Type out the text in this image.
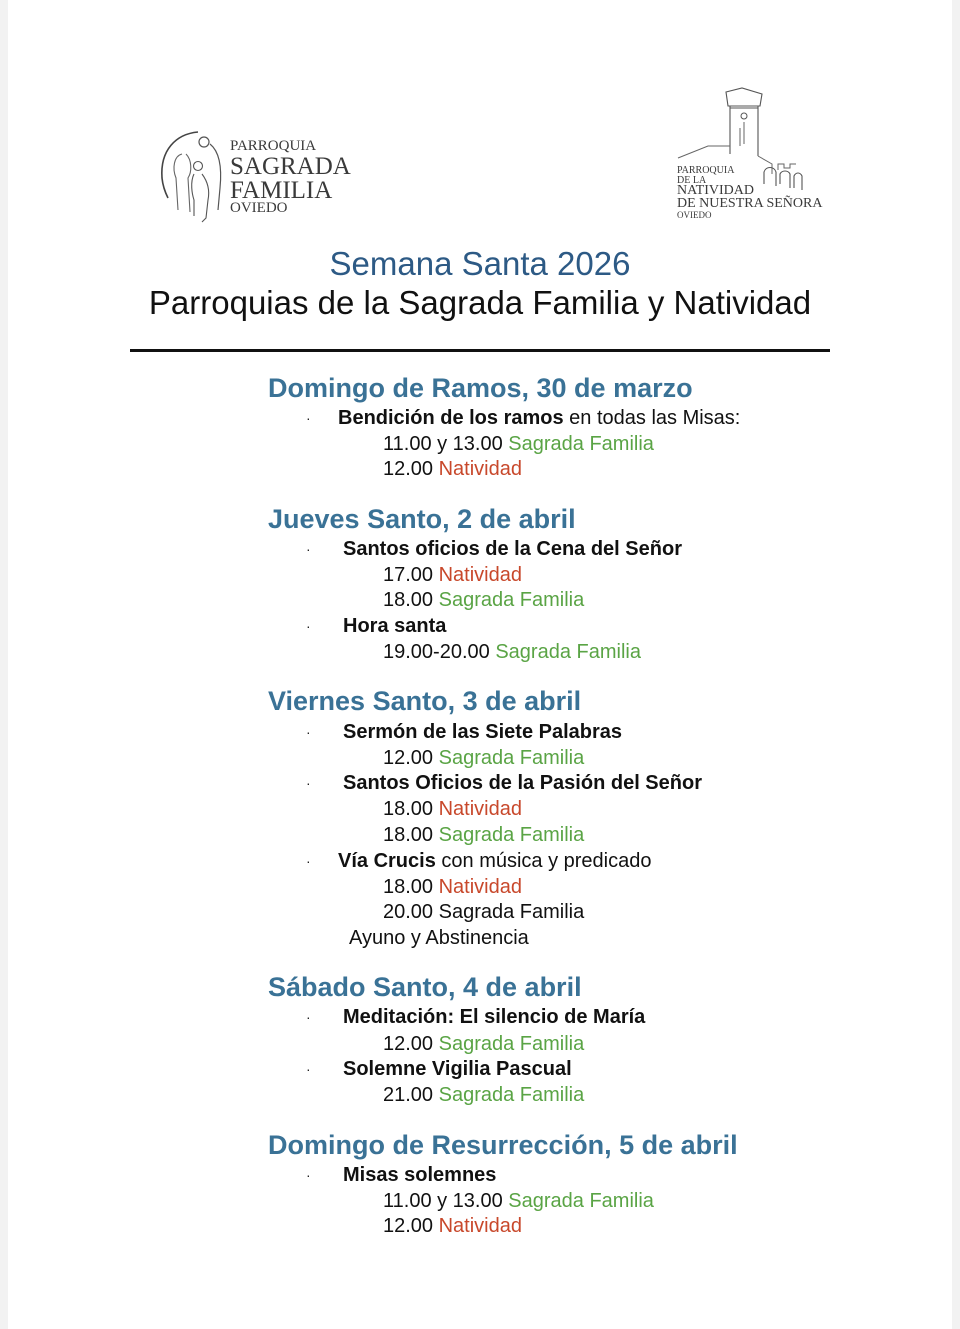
PARROQUIA
SAGRADA
FAMILIA
OVIEDO
PARROQUIA
DE LA
NATIVIDAD
DE NUESTRA SEÑORA
OVIEDO
Semana Santa 2026
Parroquias de la Sagrada Familia y Natividad
Domingo de Ramos, 30 de marzo
· Bendición de los ramos en todas las Misas:
11.00 y 13.00 Sagrada Familia
12.00 Natividad
Jueves Santo, 2 de abril
· Santos oficios de la Cena del Señor
17.00 Natividad
18.00 Sagrada Familia
· Hora santa
19.00-20.00 Sagrada Familia
Viernes Santo, 3 de abril
· Sermón de las Siete Palabras
12.00 Sagrada Familia
· Santos Oficios de la Pasión del Señor
18.00 Natividad
18.00 Sagrada Familia
· Vía Crucis con música y predicado
18.00 Natividad
20.00 Sagrada Familia
Ayuno y Abstinencia
Sábado Santo, 4 de abril
· Meditación: El silencio de María
12.00 Sagrada Familia
· Solemne Vigilia Pascual
21.00 Sagrada Familia
Domingo de Resurrección, 5 de abril
· Misas solemnes
11.00 y 13.00 Sagrada Familia
12.00 Natividad
